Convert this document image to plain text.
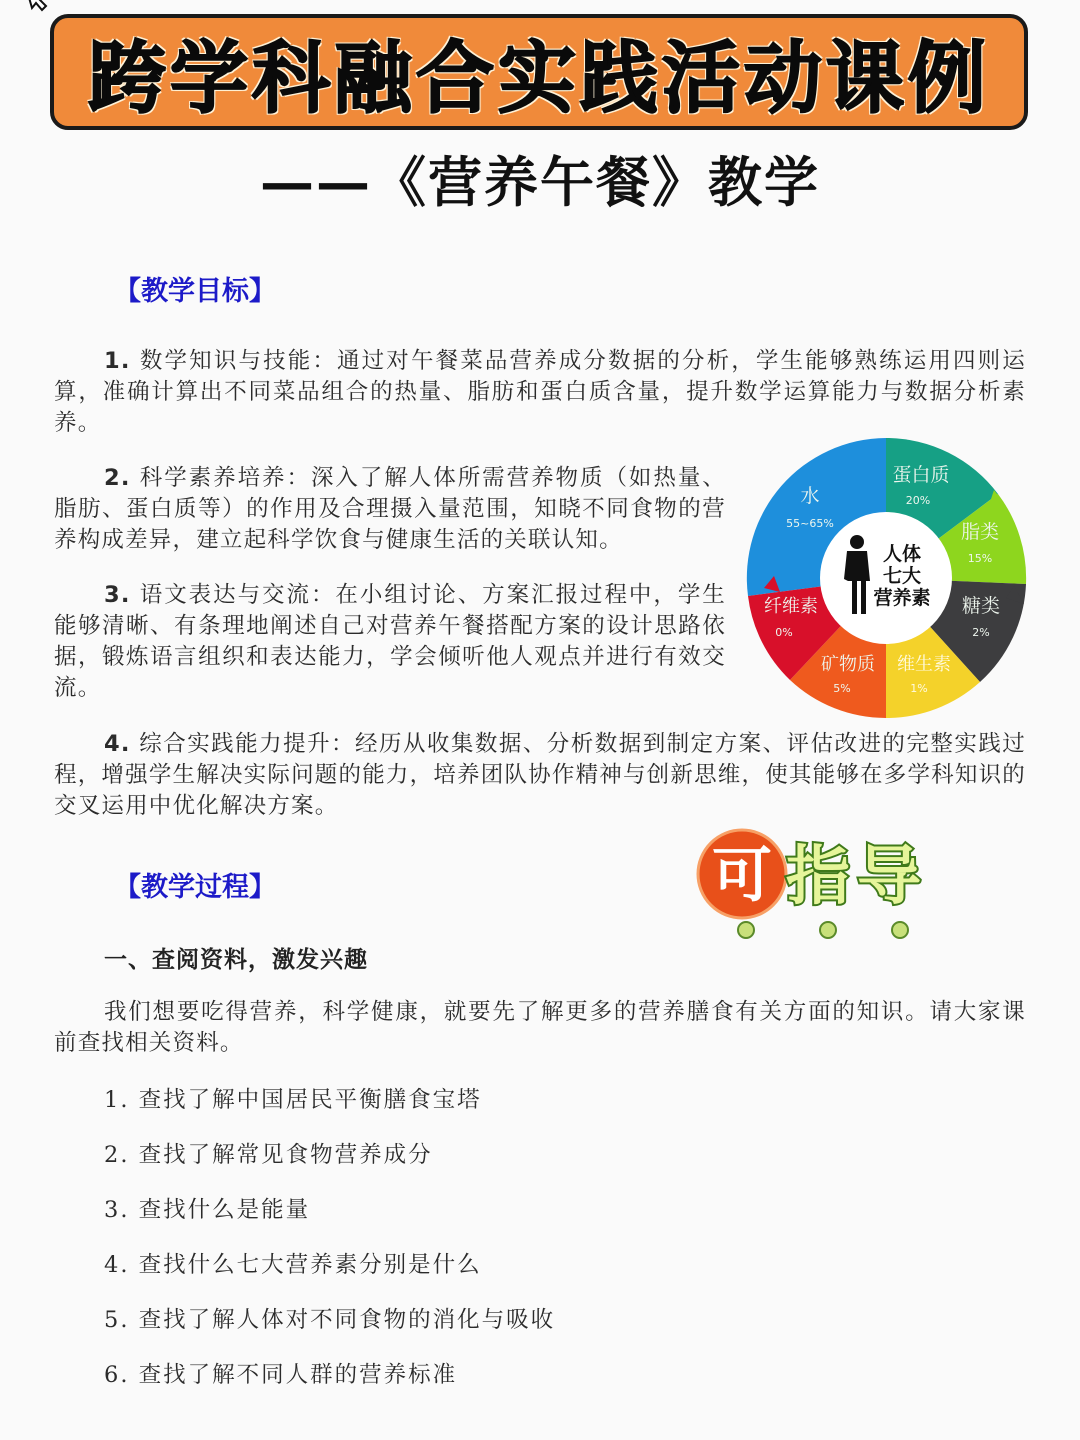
跨学科融合实践活动课例
——《营养午餐》教学
【教学目标】
1. 数学知识与技能：通过对午餐菜品营养成分数据的分析，学生能够熟练运用四则运算，准确计算出不同菜品组合的热量、脂肪和蛋白质含量，提升数学运算能力与数据分析素养。
2. 科学素养培养：深入了解人体所需营养物质（如热量、脂肪、蛋白质等）的作用及合理摄入量范围，知晓不同食物的营养构成差异，建立起科学饮食与健康生活的关联认知。
3. 语文表达与交流：在小组讨论、方案汇报过程中，学生能够清晰、有条理地阐述自己对营养午餐搭配方案的设计思路依据，锻炼语言组织和表达能力，学会倾听他人观点并进行有效交流。
4. 综合实践能力提升：经历从收集数据、分析数据到制定方案、评估改进的完整实践过程，增强学生解决实际问题的能力，培养团队协作精神与创新思维，使其能够在多学科知识的交叉运用中优化解决方案。
人体
七大
营养素
水
55~65%
蛋白质
20%
脂类
15%
糖类
2%
维生素
1%
矿物质
5%
纤维素
0%
【教学过程】	可 指 导
一、查阅资料，激发兴趣
我们想要吃得营养，科学健康，就要先了解更多的营养膳食有关方面的知识。请大家课前查找相关资料。
1. 查找了解中国居民平衡膳食宝塔
2. 查找了解常见食物营养成分
3. 查找什么是能量
4. 查找什么七大营养素分别是什么
5. 查找了解人体对不同食物的消化与吸收
6. 查找了解不同人群的营养标准
